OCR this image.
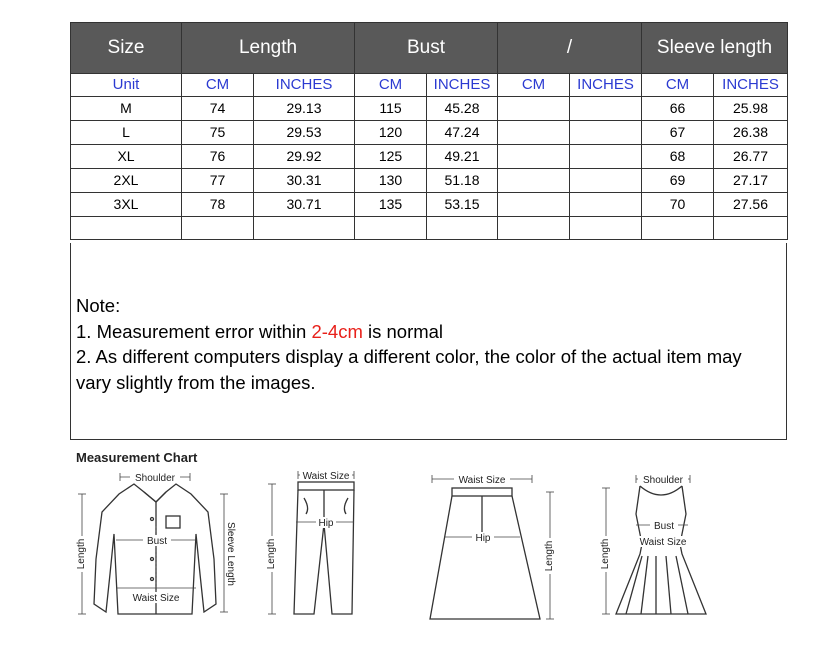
Size	Length		Bust		/		Sleeve length	
Unit	CM	INCHES	CM	INCHES	CM	INCHES	CM	INCHES
M	74	29.13	115	45.28			66	25.98
L	75	29.53	120	47.24			67	26.38
XL	76	29.92	125	49.21			68	26.77
2XL	77	30.31	130	51.18			69	27.17
3XL	78	30.71	135	53.15			70	27.56

Note:
1. Measurement error within 2-4cm is normal
2. As different computers display a different color, the color of the actual item may vary slightly from the images.
Measurement Chart
Shoulder
Bust
Waist Size
Length	Sleeve Length
Waist Size
Hip
Length
Waist Size
Hip
Length
Shoulder
Bust
Waist Size
Length
